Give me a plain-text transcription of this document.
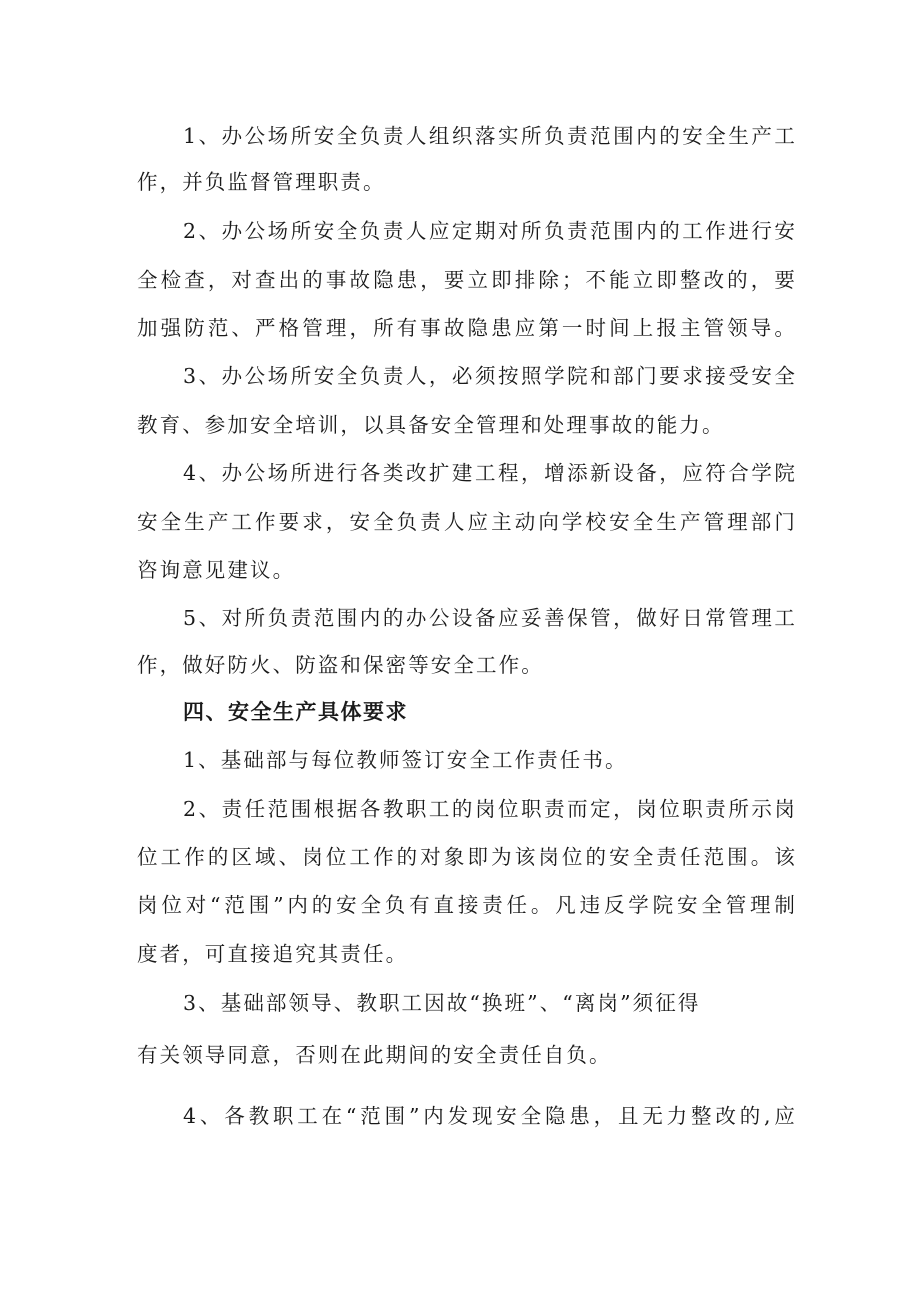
1、办公场所安全负责人组织落实所负责范围内的安全生产工
作，并负监督管理职责。
2、办公场所安全负责人应定期对所负责范围内的工作进行安
全检查，对查出的事故隐患，要立即排除；不能立即整改的，要
加强防范、严格管理，所有事故隐患应第一时间上报主管领导。
3、办公场所安全负责人，必须按照学院和部门要求接受安全
教育、参加安全培训，以具备安全管理和处理事故的能力。
4、办公场所进行各类改扩建工程，增添新设备，应符合学院
安全生产工作要求，安全负责人应主动向学校安全生产管理部门
咨询意见建议。
5、对所负责范围内的办公设备应妥善保管，做好日常管理工
作，做好防火、防盗和保密等安全工作。
四、安全生产具体要求
1、基础部与每位教师签订安全工作责任书。
2、责任范围根据各教职工的岗位职责而定，岗位职责所示岗
位工作的区域、岗位工作的对象即为该岗位的安全责任范围。该
岗位对“范围”内的安全负有直接责任。凡违反学院安全管理制
度者，可直接追究其责任。
3、基础部领导、教职工因故“换班”、“离岗”须征得
有关领导同意，否则在此期间的安全责任自负。
4、各教职工在“范围”内发现安全隐患，且无力整改的,应
